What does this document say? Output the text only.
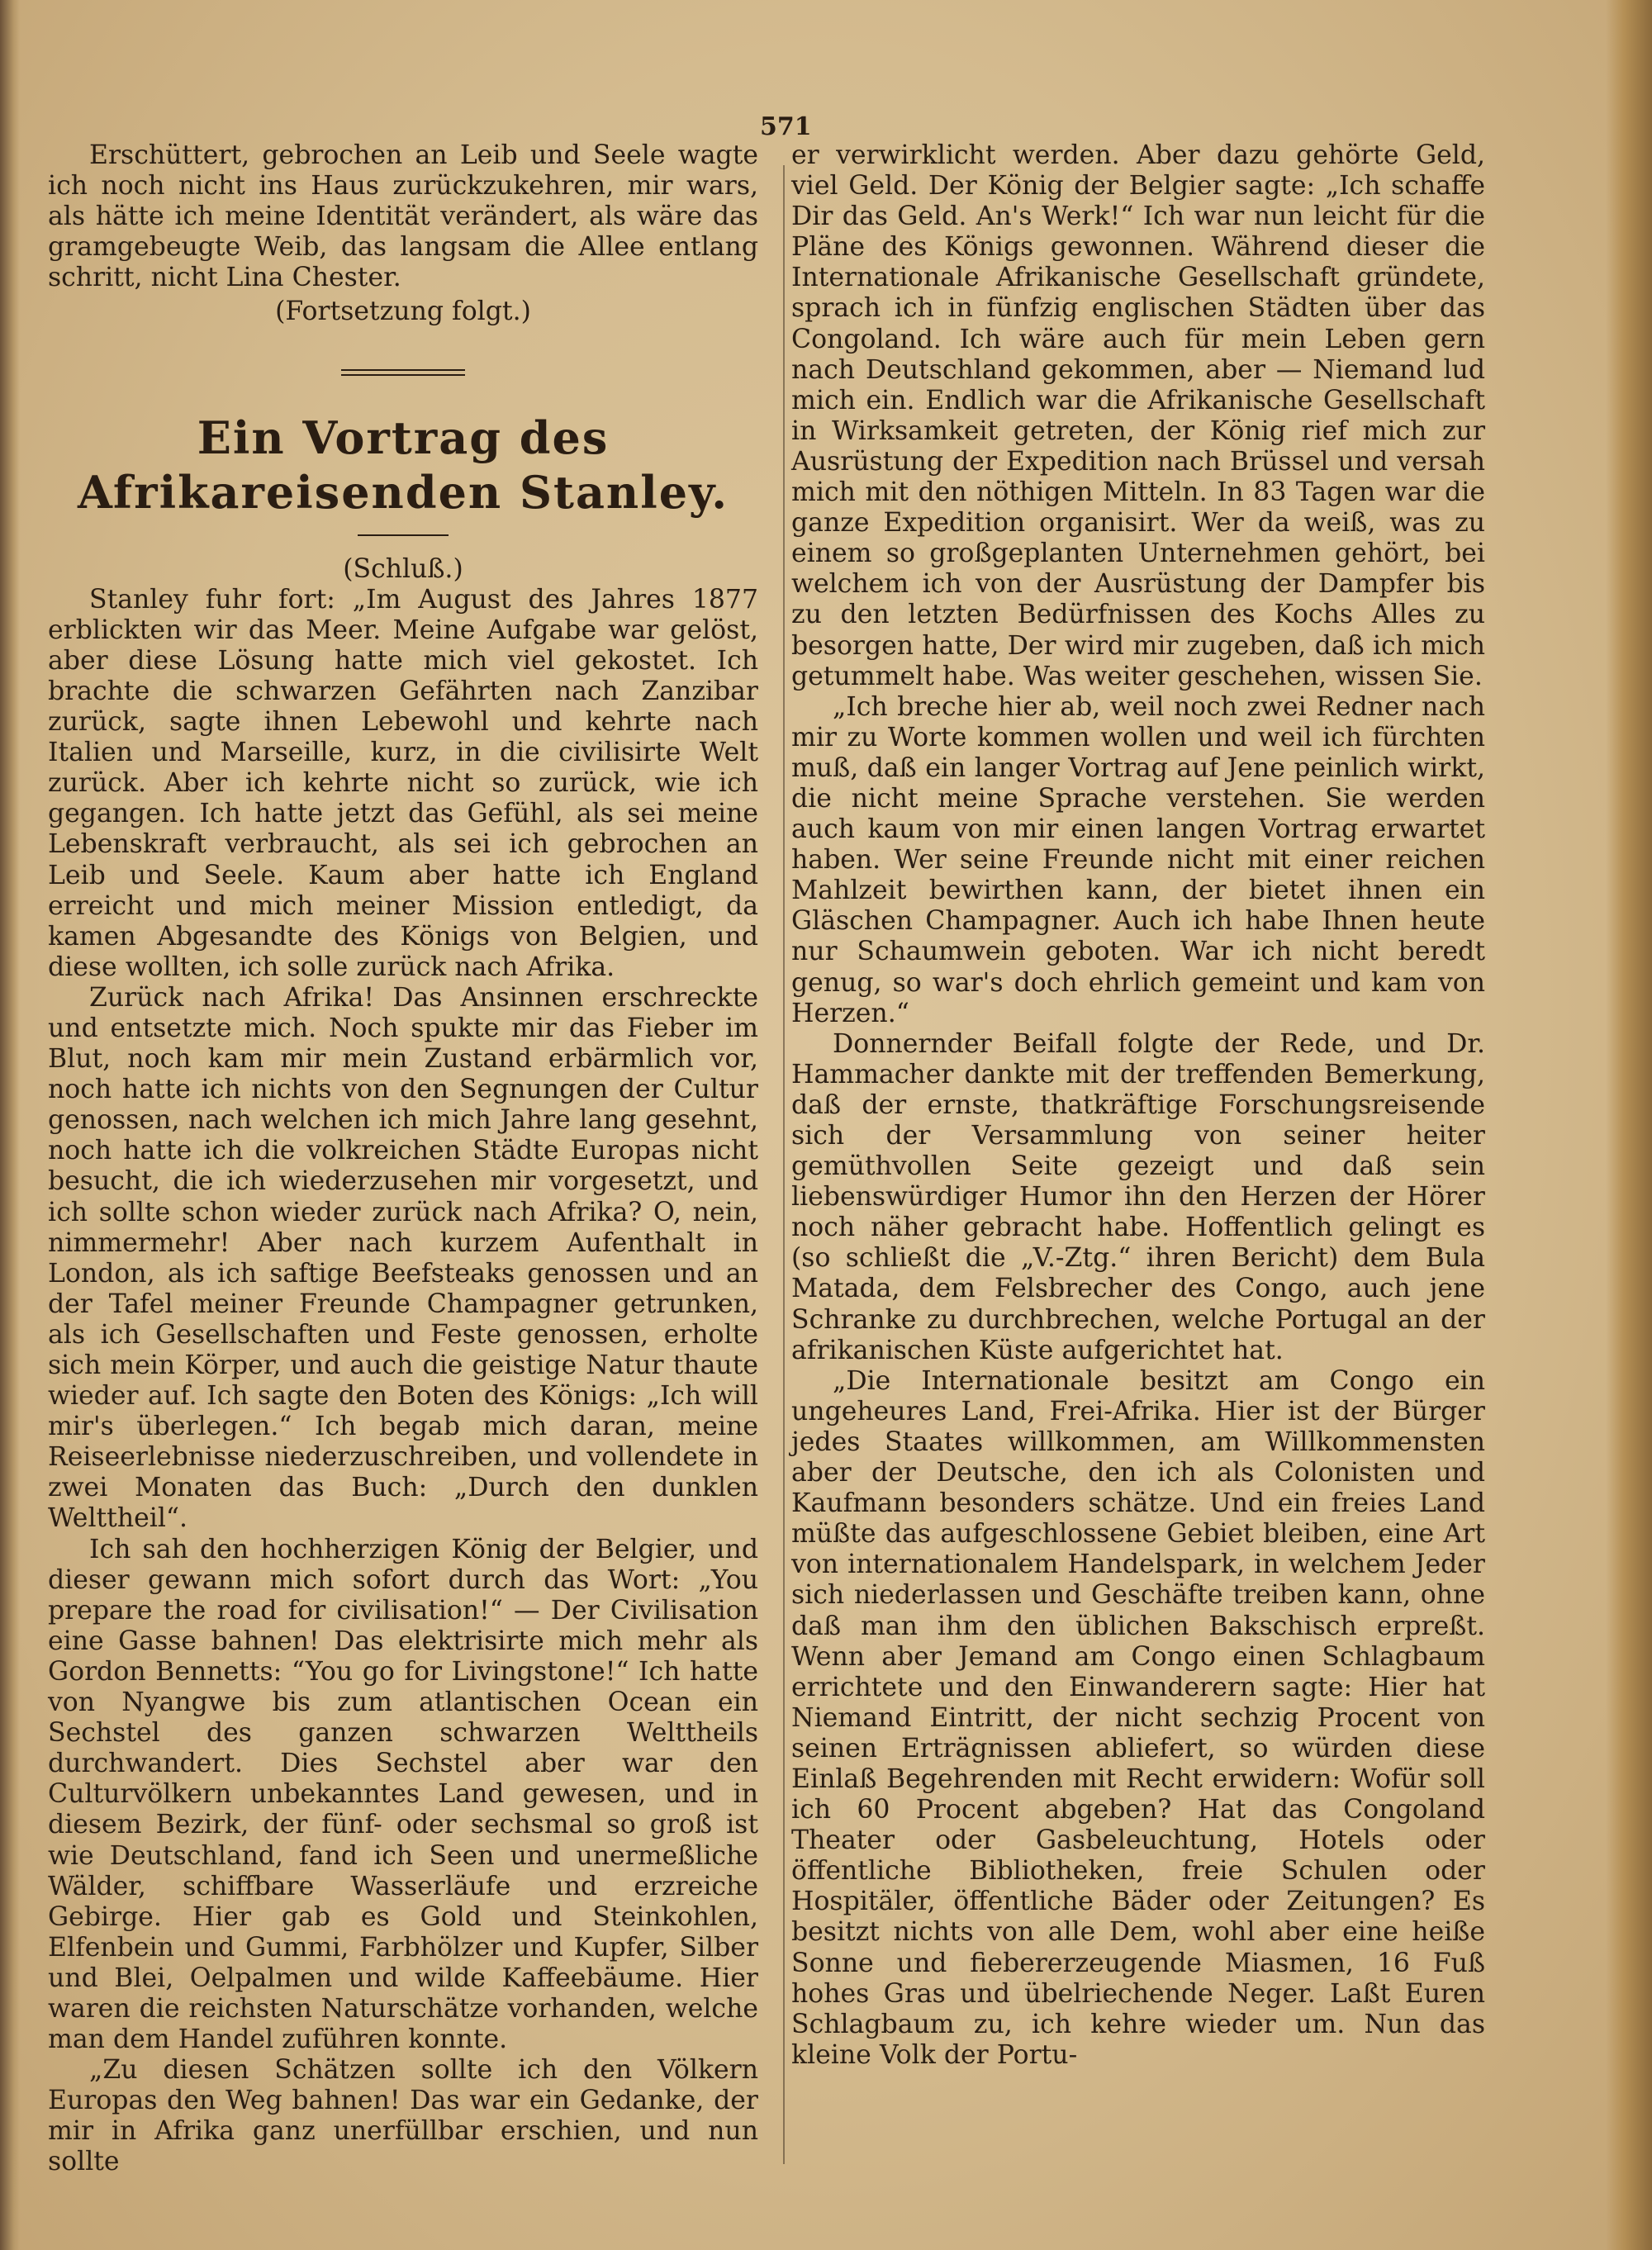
571

Erschüttert, gebrochen an Leib und Seele wagte ich noch nicht ins Haus zurückzukehren, mir wars, als hätte ich meine Identität verändert, als wäre das gramgebeugte Weib, das langsam die Allee entlang schritt, nicht Lina Chester.

(Fortsetzung folgt.)

Ein Vortrag des Afrikareisenden Stanley.

(Schluß.)

Stanley fuhr fort: „Im August des Jahres 1877 erblickten wir das Meer. Meine Aufgabe war gelöst, aber diese Lösung hatte mich viel gekostet. Ich brachte die schwarzen Gefährten nach Zanzibar zurück, sagte ihnen Lebewohl und kehrte nach Italien und Marseille, kurz, in die civilisirte Welt zurück. Aber ich kehrte nicht so zurück, wie ich gegangen. Ich hatte jetzt das Gefühl, als sei meine Lebenskraft verbraucht, als sei ich gebrochen an Leib und Seele. Kaum aber hatte ich England erreicht und mich meiner Mission entledigt, da kamen Abgesandte des Königs von Belgien, und diese wollten, ich solle zurück nach Afrika.

Zurück nach Afrika! Das Ansinnen erschreckte und entsetzte mich. Noch spukte mir das Fieber im Blut, noch kam mir mein Zustand erbärmlich vor, noch hatte ich nichts von den Segnungen der Cultur genossen, nach welchen ich mich Jahre lang gesehnt, noch hatte ich die volkreichen Städte Europas nicht besucht, die ich wiederzusehen mir vorgesetzt, und ich sollte schon wieder zurück nach Afrika? O, nein, nimmermehr! Aber nach kurzem Aufenthalt in London, als ich saftige Beefsteaks genossen und an der Tafel meiner Freunde Champagner getrunken, als ich Gesellschaften und Feste genossen, erholte sich mein Körper, und auch die geistige Natur thaute wieder auf. Ich sagte den Boten des Königs: „Ich will mir's überlegen.“ Ich begab mich daran, meine Reiseerlebnisse niederzuschreiben, und vollendete in zwei Monaten das Buch: „Durch den dunklen Welttheil“.

Ich sah den hochherzigen König der Belgier, und dieser gewann mich sofort durch das Wort: „You prepare the road for civilisation!“ — Der Civilisation eine Gasse bahnen! Das elektrisirte mich mehr als Gordon Bennetts: “You go for Livingstone!“ Ich hatte von Nyangwe bis zum atlantischen Ocean ein Sechstel des ganzen schwarzen Welttheils durchwandert. Dies Sechstel aber war den Culturvölkern unbekanntes Land gewesen, und in diesem Bezirk, der fünf- oder sechsmal so groß ist wie Deutschland, fand ich Seen und unermeßliche Wälder, schiffbare Wasserläufe und erzreiche Gebirge. Hier gab es Gold und Steinkohlen, Elfenbein und Gummi, Farbhölzer und Kupfer, Silber und Blei, Oelpalmen und wilde Kaffeebäume. Hier waren die reichsten Naturschätze vorhanden, welche man dem Handel zuführen konnte.

„Zu diesen Schätzen sollte ich den Völkern Europas den Weg bahnen! Das war ein Gedanke, der mir in Afrika ganz unerfüllbar erschien, und nun sollte

er verwirklicht werden. Aber dazu gehörte Geld, viel Geld. Der König der Belgier sagte: „Ich schaffe Dir das Geld. An's Werk!“ Ich war nun leicht für die Pläne des Königs gewonnen. Während dieser die Internationale Afrikanische Gesellschaft gründete, sprach ich in fünfzig englischen Städten über das Congoland. Ich wäre auch für mein Leben gern nach Deutschland gekommen, aber — Niemand lud mich ein. Endlich war die Afrikanische Gesellschaft in Wirksamkeit getreten, der König rief mich zur Ausrüstung der Expedition nach Brüssel und versah mich mit den nöthigen Mitteln. In 83 Tagen war die ganze Expedition organisirt. Wer da weiß, was zu einem so großgeplanten Unternehmen gehört, bei welchem ich von der Ausrüstung der Dampfer bis zu den letzten Bedürfnissen des Kochs Alles zu besorgen hatte, Der wird mir zugeben, daß ich mich getummelt habe. Was weiter geschehen, wissen Sie.

„Ich breche hier ab, weil noch zwei Redner nach mir zu Worte kommen wollen und weil ich fürchten muß, daß ein langer Vortrag auf Jene peinlich wirkt, die nicht meine Sprache verstehen. Sie werden auch kaum von mir einen langen Vortrag erwartet haben. Wer seine Freunde nicht mit einer reichen Mahlzeit bewirthen kann, der bietet ihnen ein Gläschen Champagner. Auch ich habe Ihnen heute nur Schaumwein geboten. War ich nicht beredt genug, so war's doch ehrlich gemeint und kam von Herzen.“

Donnernder Beifall folgte der Rede, und Dr. Hammacher dankte mit der treffenden Bemerkung, daß der ernste, thatkräftige Forschungsreisende sich der Versammlung von seiner heiter gemüthvollen Seite gezeigt und daß sein liebenswürdiger Humor ihn den Herzen der Hörer noch näher gebracht habe. Hoffentlich gelingt es (so schließt die „V.-Ztg.“ ihren Bericht) dem Bula Matada, dem Felsbrecher des Congo, auch jene Schranke zu durchbrechen, welche Portugal an der afrikanischen Küste aufgerichtet hat.

„Die Internationale besitzt am Congo ein ungeheures Land, Frei-Afrika. Hier ist der Bürger jedes Staates willkommen, am Willkommensten aber der Deutsche, den ich als Colonisten und Kaufmann besonders schätze. Und ein freies Land müßte das aufgeschlossene Gebiet bleiben, eine Art von internationalem Handelspark, in welchem Jeder sich niederlassen und Geschäfte treiben kann, ohne daß man ihm den üblichen Bakschisch erpreßt. Wenn aber Jemand am Congo einen Schlagbaum errichtete und den Einwanderern sagte: Hier hat Niemand Eintritt, der nicht sechzig Procent von seinen Erträgnissen abliefert, so würden diese Einlaß Begehrenden mit Recht erwidern: Wofür soll ich 60 Procent abgeben? Hat das Congoland Theater oder Gasbeleuchtung, Hotels oder öffentliche Bibliotheken, freie Schulen oder Hospitäler, öffentliche Bäder oder Zeitungen? Es besitzt nichts von alle Dem, wohl aber eine heiße Sonne und fiebererzeugende Miasmen, 16 Fuß hohes Gras und übelriechende Neger. Laßt Euren Schlagbaum zu, ich kehre wieder um. Nun das kleine Volk der Portu-
